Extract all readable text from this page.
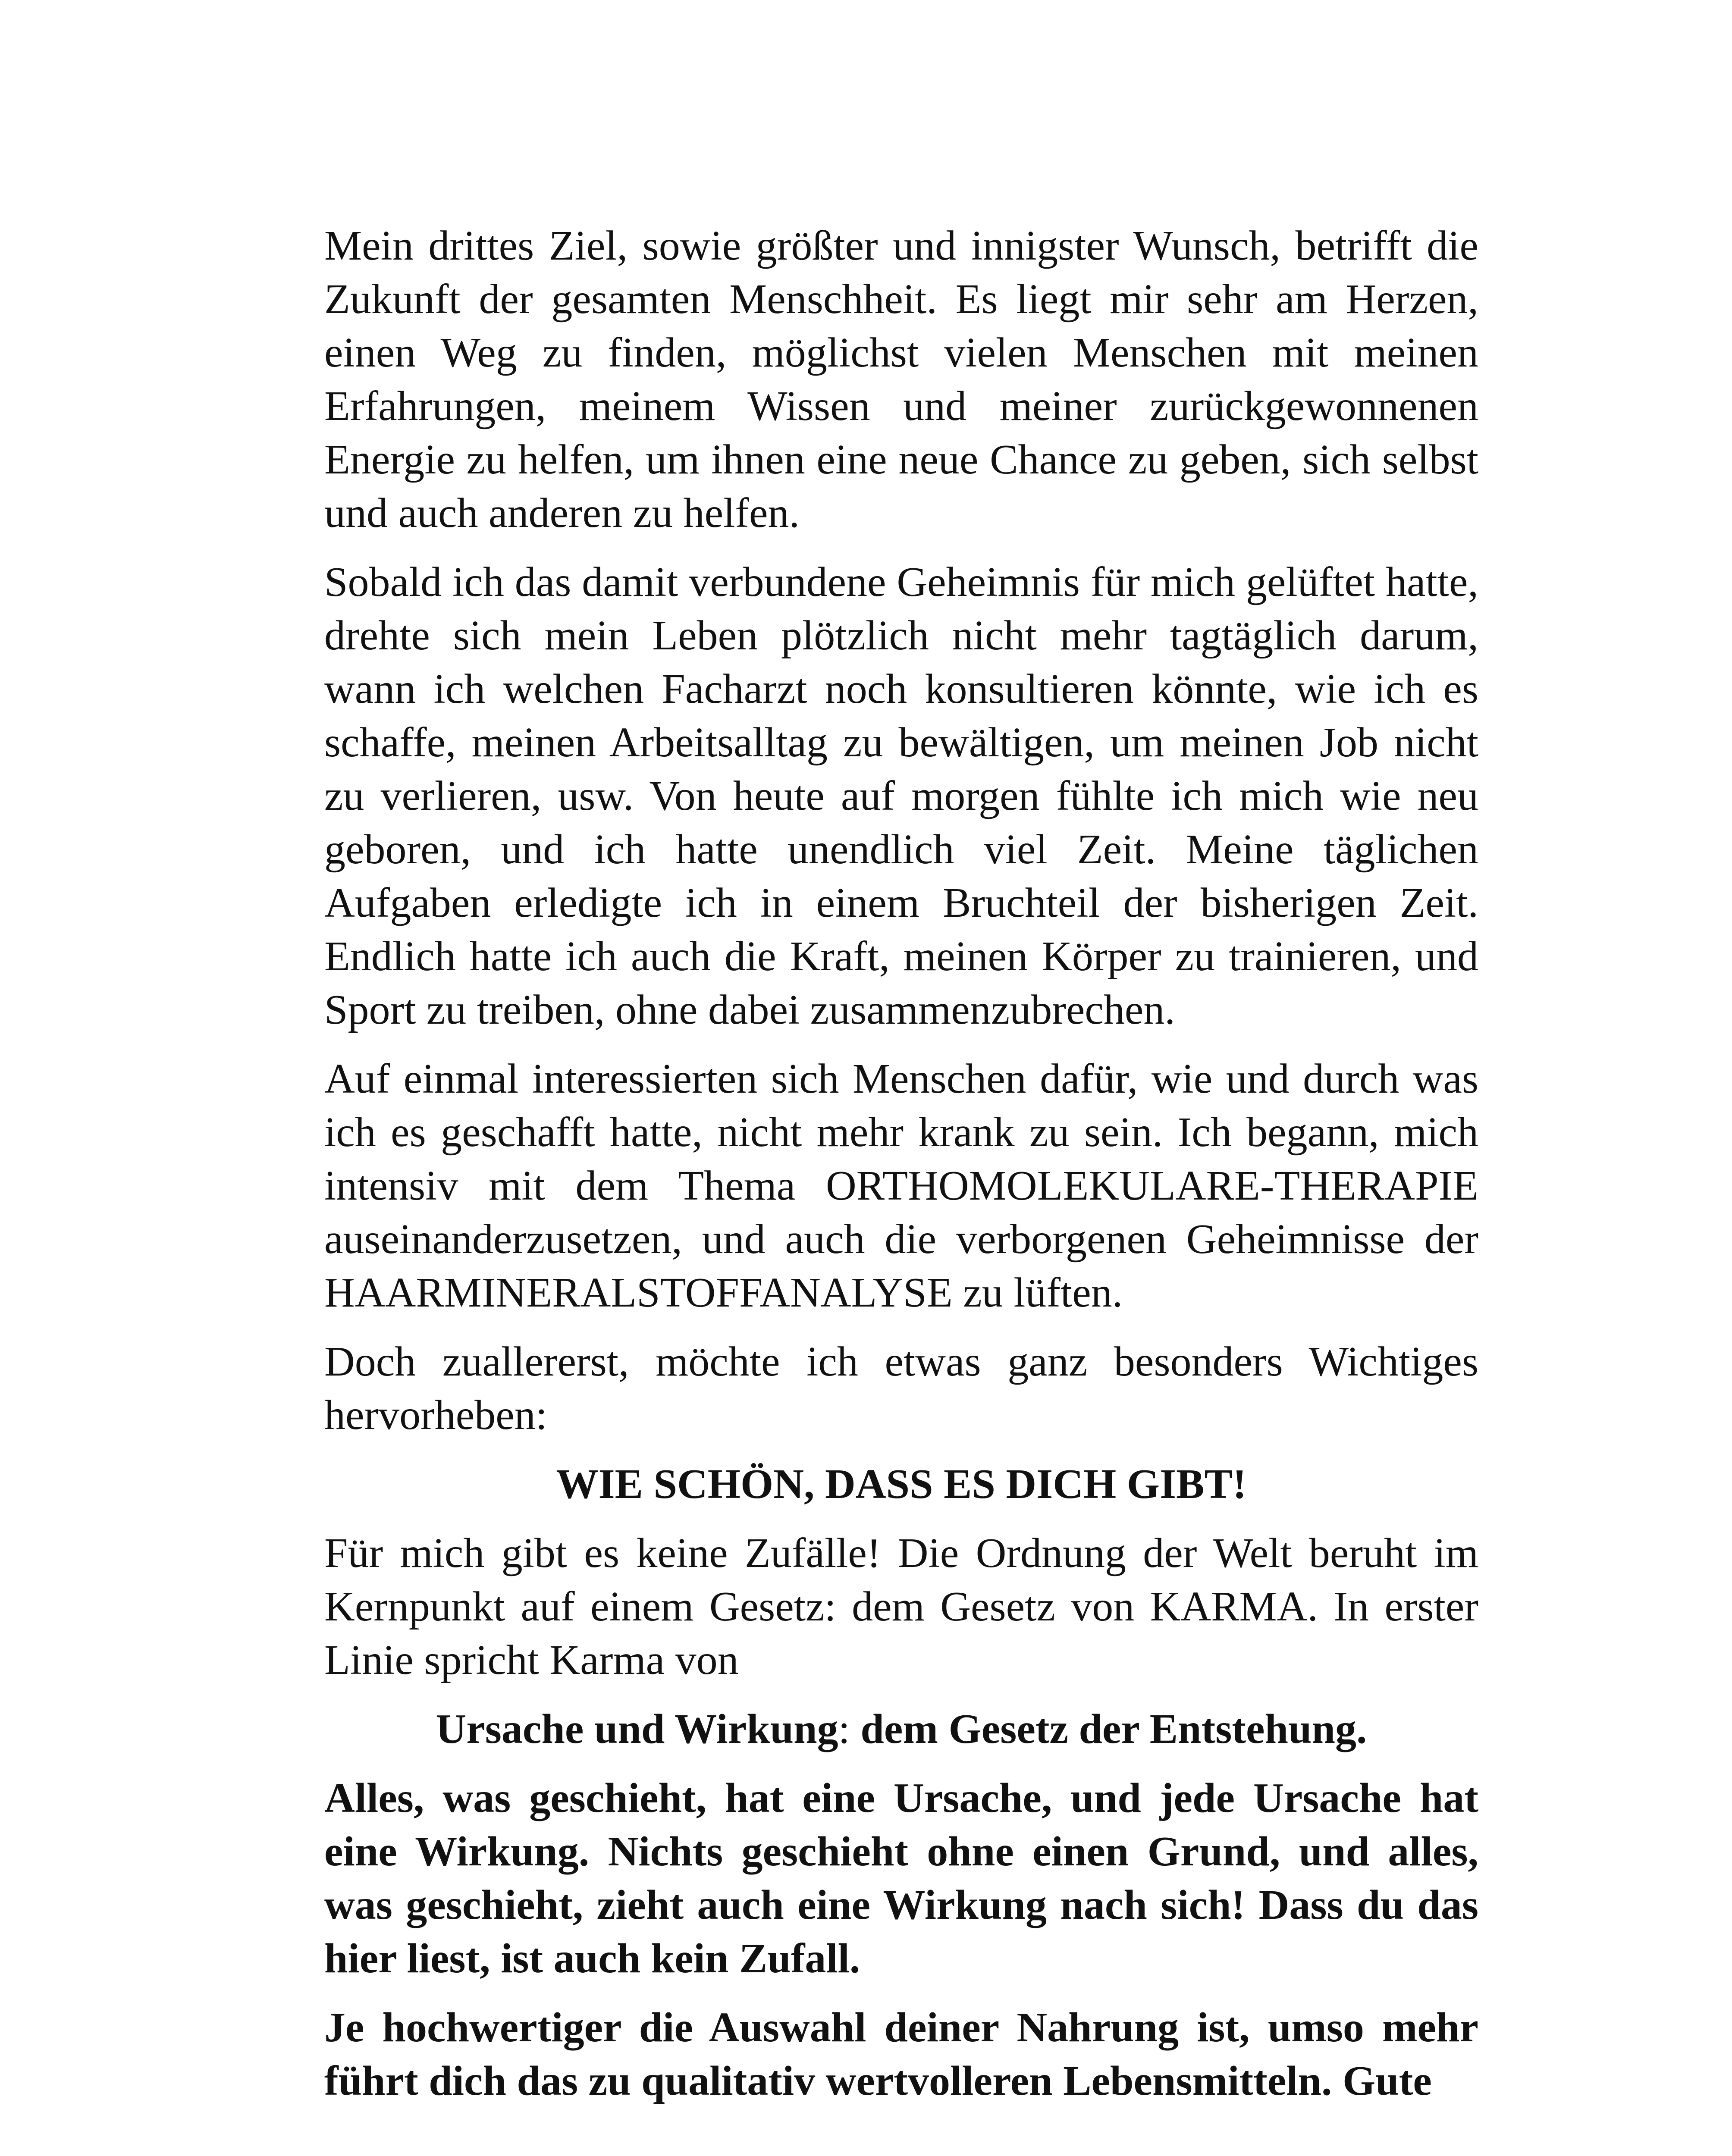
Mein drittes Ziel, sowie größter und innigster Wunsch, betrifft die Zukunft der gesamten Menschheit. Es liegt mir sehr am Herzen, einen Weg zu finden, möglichst vielen Menschen mit meinen Erfahrungen, meinem Wissen und meiner zurückgewonnenen Energie zu helfen, um ihnen eine neue Chance zu geben, sich selbst und auch anderen zu helfen.

Sobald ich das damit verbundene Geheimnis für mich gelüftet hatte, drehte sich mein Leben plötzlich nicht mehr tagtäglich darum, wann ich welchen Facharzt noch konsultieren könnte, wie ich es schaffe, meinen Arbeitsalltag zu bewältigen, um meinen Job nicht zu verlieren, usw. Von heute auf morgen fühlte ich mich wie neu geboren, und ich hatte unendlich viel Zeit. Meine täglichen Aufgaben erledigte ich in einem Bruchteil der bisherigen Zeit. Endlich hatte ich auch die Kraft, meinen Körper zu trainieren, und Sport zu treiben, ohne dabei zusammenzubrechen.

Auf einmal interessierten sich Menschen dafür, wie und durch was ich es geschafft hatte, nicht mehr krank zu sein. Ich begann, mich intensiv mit dem Thema ORTHOMOLEKULARE-THERAPIE auseinanderzusetzen, und auch die verborgenen Geheimnisse der HAARMINERALSTOFFANALYSE zu lüften.

Doch zuallererst, möchte ich etwas ganz besonders Wichtiges hervorheben:

WIE SCHÖN, DASS ES DICH GIBT!

Für mich gibt es keine Zufälle! Die Ordnung der Welt beruht im Kernpunkt auf einem Gesetz: dem Gesetz von KARMA. In erster Linie spricht Karma von

Ursache und Wirkung: dem Gesetz der Entstehung.

Alles, was geschieht, hat eine Ursache, und jede Ursache hat eine Wirkung. Nichts geschieht ohne einen Grund, und alles, was geschieht, zieht auch eine Wirkung nach sich! Dass du das hier liest, ist auch kein Zufall.

Je hochwertiger die Auswahl deiner Nahrung ist, umso mehr führt dich das zu qualitativ wertvolleren Lebensmitteln. Gute
